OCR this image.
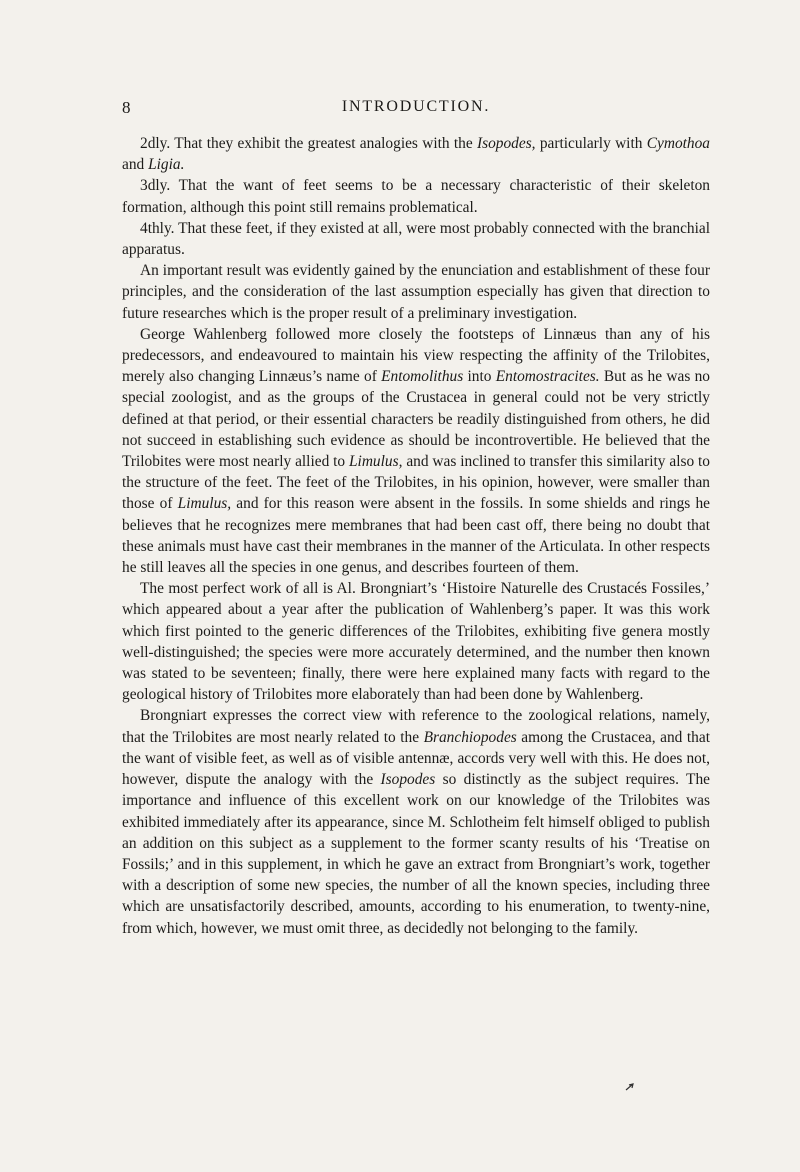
8	INTRODUCTION.

2dly. That they exhibit the greatest analogies with the Isopodes, particularly with Cymothoa and Ligia.

3dly. That the want of feet seems to be a necessary characteristic of their skeleton formation, although this point still remains problematical.

4thly. That these feet, if they existed at all, were most probably connected with the branchial apparatus.

An important result was evidently gained by the enunciation and establishment of these four principles, and the consideration of the last assumption especially has given that direction to future researches which is the proper result of a preliminary investigation.

George Wahlenberg followed more closely the footsteps of Linnæus than any of his predecessors, and endeavoured to maintain his view respecting the affinity of the Trilobites, merely also changing Linnæus’s name of Entomolithus into Entomostracites. But as he was no special zoologist, and as the groups of the Crustacea in general could not be very strictly defined at that period, or their essential characters be readily distinguished from others, he did not succeed in establishing such evidence as should be incontrovertible. He believed that the Trilobites were most nearly allied to Limulus, and was inclined to transfer this similarity also to the structure of the feet. The feet of the Trilobites, in his opinion, however, were smaller than those of Limulus, and for this reason were absent in the fossils. In some shields and rings he believes that he recognizes mere membranes that had been cast off, there being no doubt that these animals must have cast their membranes in the manner of the Articulata. In other respects he still leaves all the species in one genus, and describes fourteen of them.

The most perfect work of all is Al. Brongniart’s ‘Histoire Naturelle des Crustacés Fossiles,’ which appeared about a year after the publication of Wahlenberg’s paper. It was this work which first pointed to the generic differences of the Trilobites, exhibiting five genera mostly well-distinguished; the species were more accurately determined, and the number then known was stated to be seventeen; finally, there were here explained many facts with regard to the geological history of Trilobites more elaborately than had been done by Wahlenberg.

Brongniart expresses the correct view with reference to the zoological relations, namely, that the Trilobites are most nearly related to the Branchiopodes among the Crustacea, and that the want of visible feet, as well as of visible antennæ, accords very well with this. He does not, however, dispute the analogy with the Isopodes so distinctly as the subject requires. The importance and influence of this excellent work on our knowledge of the Trilobites was exhibited immediately after its appearance, since M. Schlotheim felt himself obliged to publish an addition on this subject as a supplement to the former scanty results of his ‘Treatise on Fossils;’ and in this supplement, in which he gave an extract from Brongniart’s work, together with a description of some new species, the number of all the known species, including three which are unsatisfactorily described, amounts, according to his enumeration, to twenty-nine, from which, however, we must omit three, as decidedly not belonging to the family.
